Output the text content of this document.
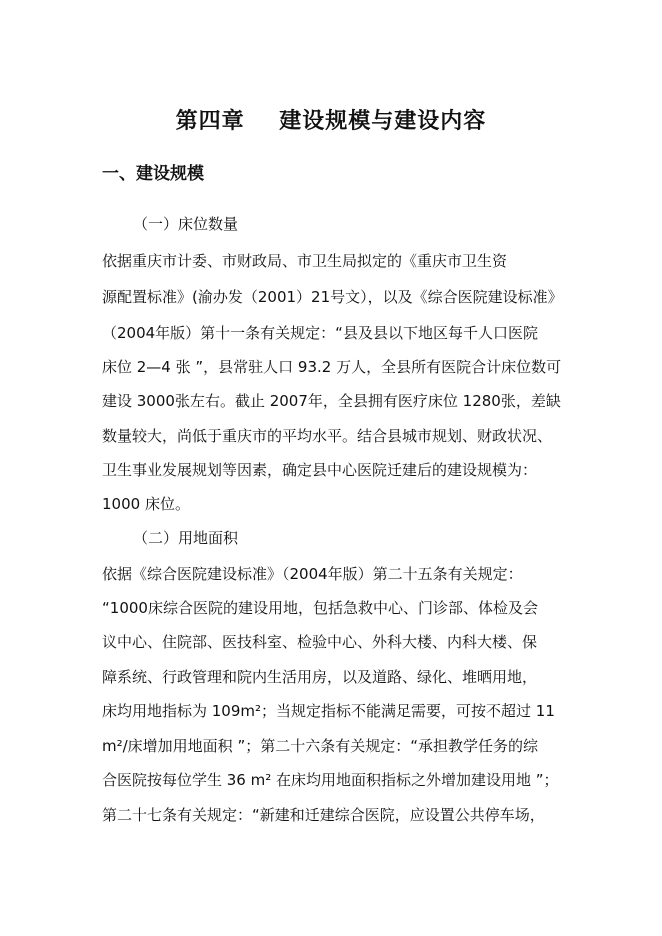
第四章    建设规模与建设内容
一、建设规模
（一）床位数量
依据重庆市计委、市财政局、市卫生局拟定的《重庆市卫生资
源配置标准》(渝办发（2001）21号文），以及《综合医院建设标准》
（2004年版）第十一条有关规定：“县及县以下地区每千人口医院
床位 2—4 张 ”，县常驻人口 93.2 万人，全县所有医院合计床位数可
建设 3000张左右。截止 2007年，全县拥有医疗床位 1280张，差缺
数量较大，尚低于重庆市的平均水平。结合县城市规划、财政状况、
卫生事业发展规划等因素，确定县中心医院迁建后的建设规模为：
1000 床位。
（二）用地面积
依据《综合医院建设标准》（2004年版）第二十五条有关规定：
“1000床综合医院的建设用地，包括急救中心、门诊部、体检及会
议中心、住院部、医技科室、检验中心、外科大楼、内科大楼、保
障系统、行政管理和院内生活用房，以及道路、绿化、堆晒用地，
床均用地指标为 109m²；当规定指标不能满足需要，可按不超过 11
m²/床增加用地面积 ”；第二十六条有关规定：“承担教学任务的综
合医院按每位学生 36 m² 在床均用地面积指标之外增加建设用地 ”；
第二十七条有关规定：“新建和迁建综合医院，应设置公共停车场，
